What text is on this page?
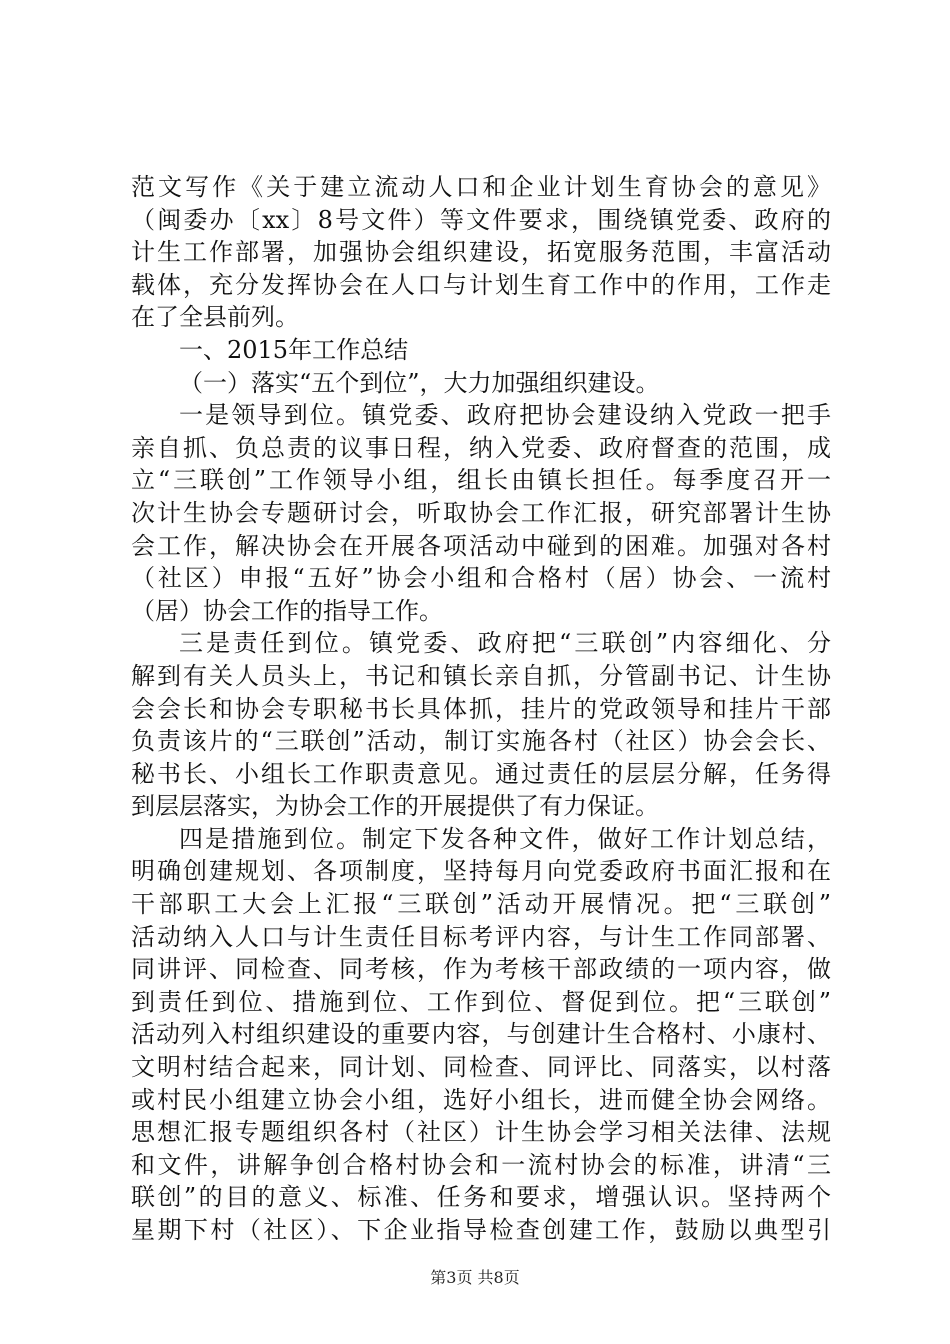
范文写作《关于建立流动人口和企业计划生育协会的意见》
（闽委办〔xx〕8号文件）等文件要求，围绕镇党委、政府的
计生工作部署，加强协会组织建设，拓宽服务范围，丰富活动
载体，充分发挥协会在人口与计划生育工作中的作用，工作走
在了全县前列。
一、2015年工作总结
（一）落实“五个到位”，大力加强组织建设。
一是领导到位。镇党委、政府把协会建设纳入党政一把手
亲自抓、负总责的议事日程，纳入党委、政府督查的范围，成
立“三联创”工作领导小组，组长由镇长担任。每季度召开一
次计生协会专题研讨会，听取协会工作汇报，研究部署计生协
会工作，解决协会在开展各项活动中碰到的困难。加强对各村
（社区）申报“五好”协会小组和合格村（居）协会、一流村
（居）协会工作的指导工作。
三是责任到位。镇党委、政府把“三联创”内容细化、分
解到有关人员头上，书记和镇长亲自抓，分管副书记、计生协
会会长和协会专职秘书长具体抓，挂片的党政领导和挂片干部
负责该片的“三联创”活动，制订实施各村（社区）协会会长、
秘书长、小组长工作职责意见。通过责任的层层分解，任务得
到层层落实，为协会工作的开展提供了有力保证。
四是措施到位。制定下发各种文件，做好工作计划总结，
明确创建规划、各项制度，坚持每月向党委政府书面汇报和在
干部职工大会上汇报“三联创”活动开展情况。把“三联创”
活动纳入人口与计生责任目标考评内容，与计生工作同部署、
同讲评、同检查、同考核，作为考核干部政绩的一项内容，做
到责任到位、措施到位、工作到位、督促到位。把“三联创”
活动列入村组织建设的重要内容，与创建计生合格村、小康村、
文明村结合起来，同计划、同检查、同评比、同落实，以村落
或村民小组建立协会小组，选好小组长，进而健全协会网络。
思想汇报专题组织各村（社区）计生协会学习相关法律、法规
和文件，讲解争创合格村协会和一流村协会的标准，讲清“三
联创”的目的意义、标准、任务和要求，增强认识。坚持两个
星期下村（社区）、下企业指导检查创建工作，鼓励以典型引
第3页 共8页
